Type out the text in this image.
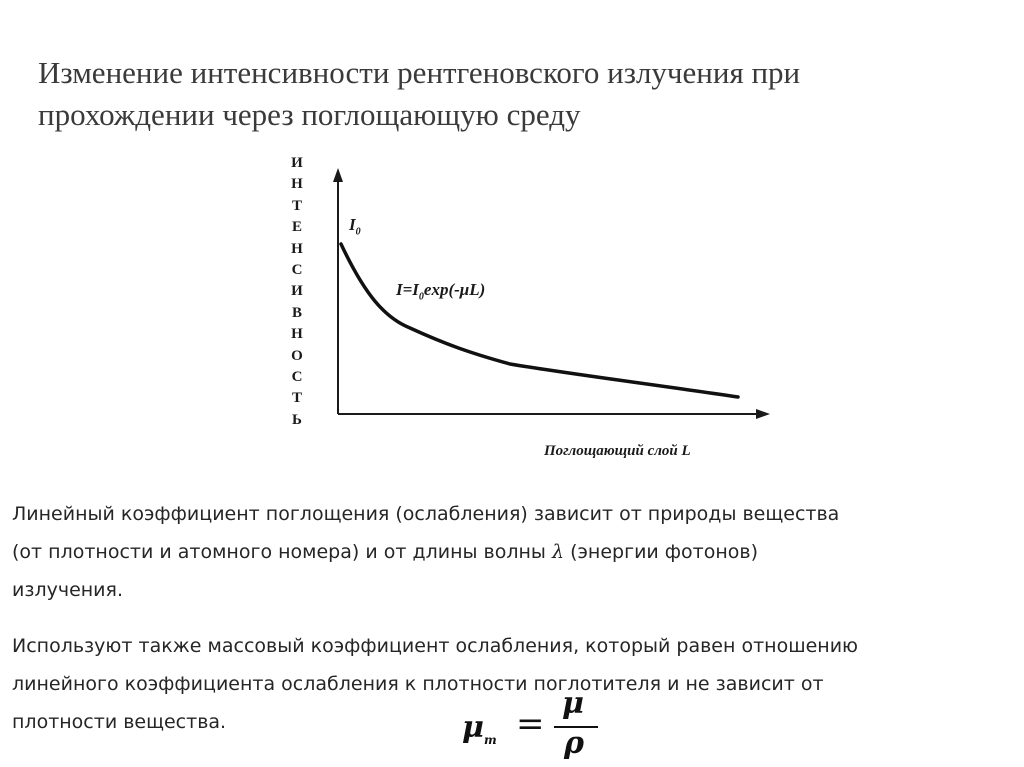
Изменение интенсивности рентгеновского излучения при
прохождении через поглощающую среду
И
Н
Т
Е
Н
С
И
В
Н
О
С
Т
Ь
$I_0$
$I=I_0\exp(-\mu L)$
Поглощающий слой L

Линейный коэффициент поглощения (ослабления) зависит от природы вещества
(от плотности и атомного номера) и от длины волны λ (энергии фотонов)
излучения.

Используют также массовый коэффициент ослабления, который равен отношению
линейного коэффициента ослабления к плотности поглотителя и не зависит от
плотности вещества.	$\mu_m$ =
μ
ρ
